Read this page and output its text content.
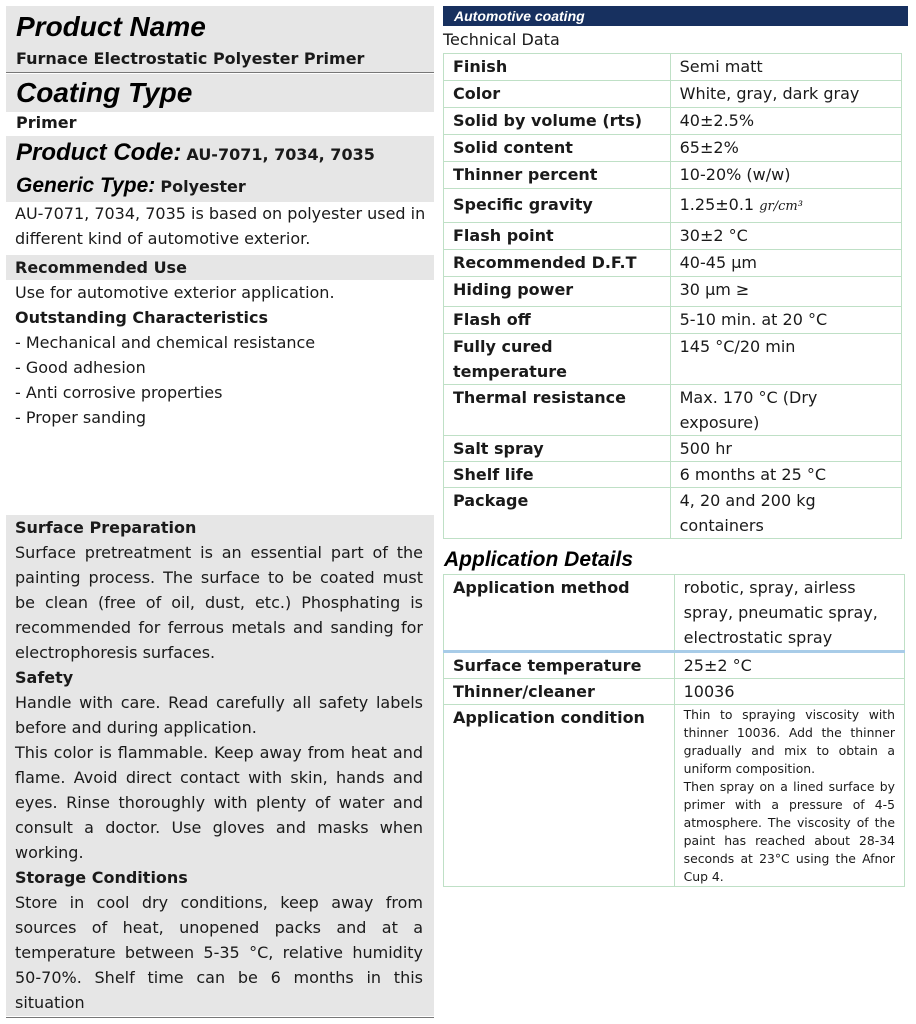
Product Name
Furnace Electrostatic Polyester Primer
Coating Type
Primer
Product Code: AU-7071, 7034, 7035
Generic Type: Polyester
AU-7071, 7034, 7035 is based on polyester used in different kind of automotive exterior.
Recommended Use
Use for automotive exterior application.
Outstanding Characteristics
- Mechanical and chemical resistance
- Good adhesion
- Anti corrosive properties
- Proper sanding
Surface Preparation
Surface pretreatment is an essential part of the painting process. The surface to be coated must be clean (free of oil, dust, etc.) Phosphating is recommended for ferrous metals and sanding for electrophoresis surfaces.
Safety
Handle with care. Read carefully all safety labels before and during application.
This color is flammable. Keep away from heat and flame. Avoid direct contact with skin, hands and eyes. Rinse thoroughly with plenty of water and consult a doctor. Use gloves and masks when working.
Storage Conditions
Store in cool dry conditions, keep away from sources of heat, unopened packs and at a temperature between 5-35 °C, relative humidity 50-70%. Shelf time can be 6 months in this situation
Automotive coating
Technical Data
Finish	Semi matt
Color	White, gray, dark gray
Solid by volume (rts)	40±2.5%
Solid content	65±2%
Thinner percent	10-20% (w/w)
Specific gravity	1.25±0.1 gr/cm³
Flash point	30±2 °C
Recommended D.F.T	40-45 µm
Hiding power	30 µm ≥
Flash off	5-10 min. at 20 °C
Fully cured temperature	145 °C/20 min
Thermal resistance	Max. 170 °C (Dry exposure)
Salt spray	500 hr
Shelf life	6 months at 25 °C
Package	4, 20 and 200 kg containers
Application Details
Application method	robotic, spray, airless spray, pneumatic spray, electrostatic spray
Surface temperature	25±2 °C
Thinner/cleaner	10036
Application condition	Thin to spraying viscosity with thinner 10036. Add the thinner gradually and mix to obtain a uniform composition.
Then spray on a lined surface by primer with a pressure of 4-5 atmosphere. The viscosity of the paint has reached about 28-34 seconds at 23°C using the Afnor Cup 4.
